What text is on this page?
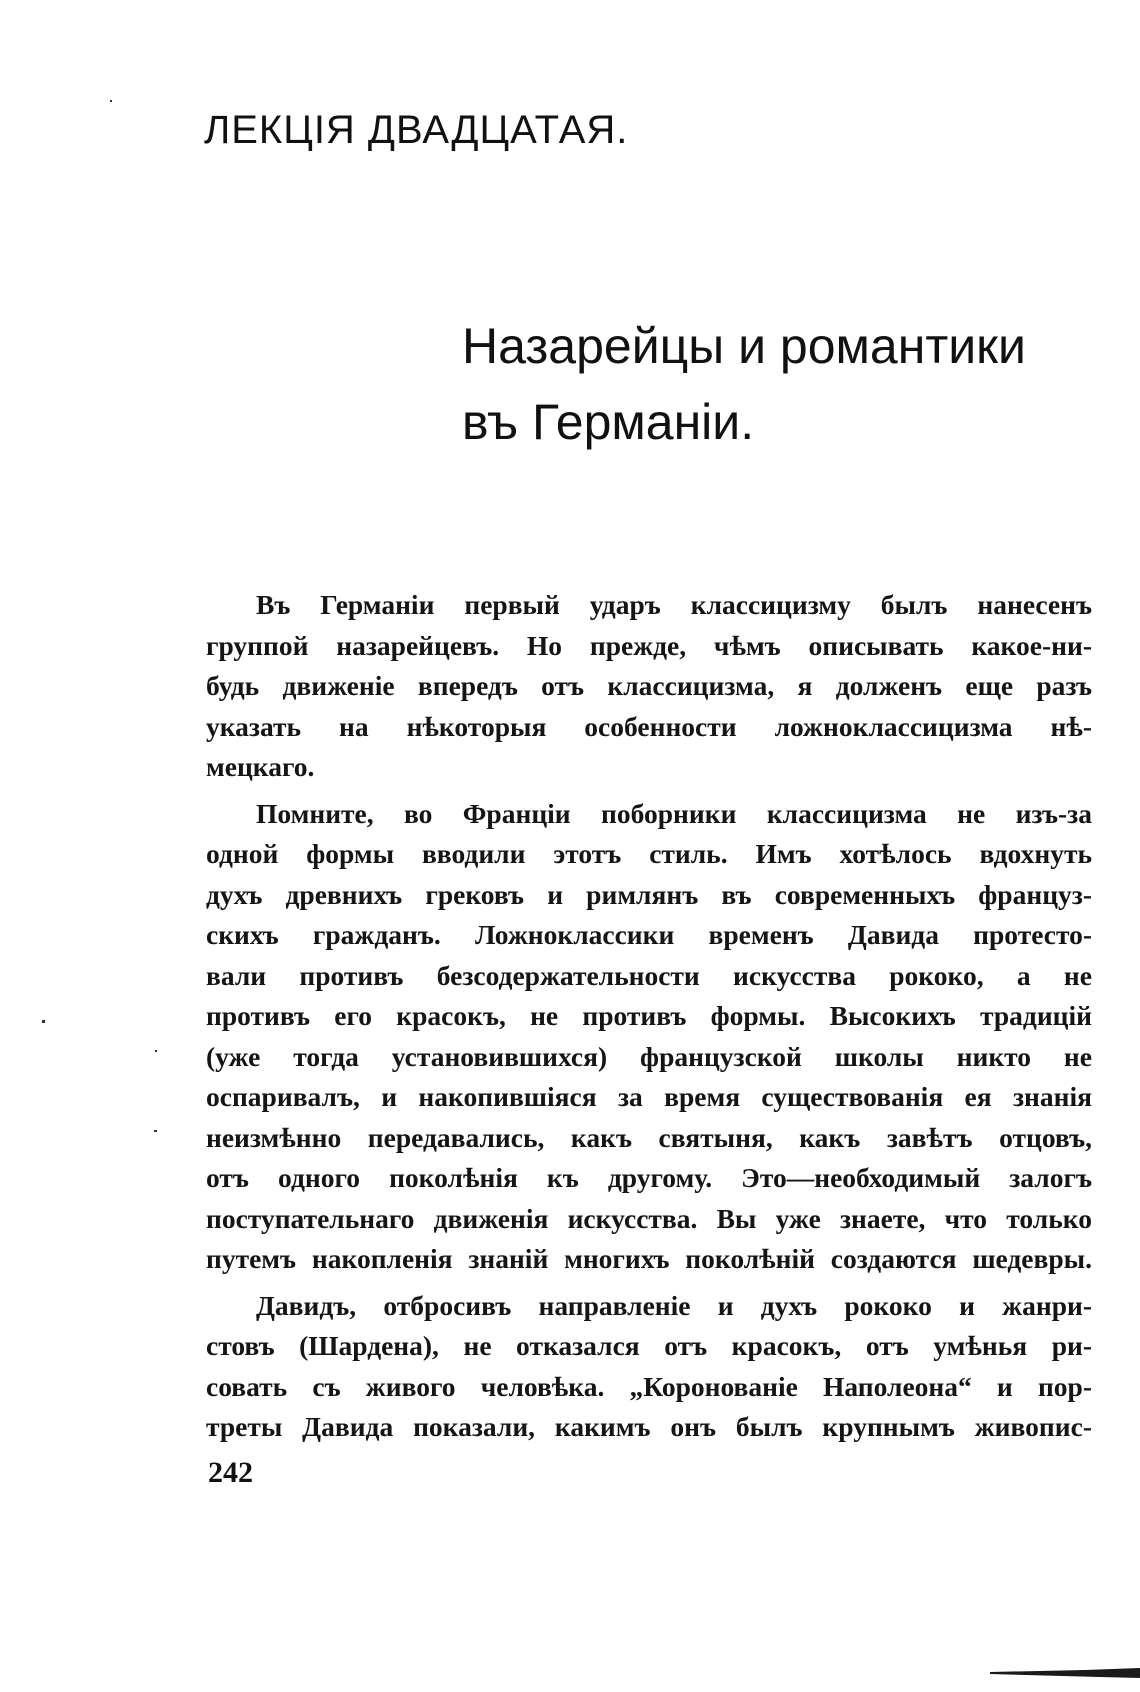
ЛЕКЦІЯ ДВАДЦАТАЯ.
Назарейцы и романтики
въ Германіи.

Въ Германіи первый ударъ классицизму былъ нанесенъ
группой назарейцевъ. Но прежде, чѣмъ описывать какое-ни-
будь движеніе впередъ отъ классицизма, я долженъ еще разъ
указать на нѣкоторыя особенности ложноклассицизма нѣ-
мецкаго.

Помните, во Франціи поборники классицизма не изъ-за
одной формы вводили этотъ стиль. Имъ хотѣлось вдохнуть
духъ древнихъ грековъ и римлянъ въ современныхъ француз-
скихъ гражданъ. Ложноклассики временъ Давида протесто-
вали противъ безсодержательности искусства рококо, а не
противъ его красокъ, не противъ формы. Высокихъ традицій
(уже тогда установившихся) французской школы никто не
оспаривалъ, и накопившіяся за время существованія ея знанія
неизмѣнно передавались, какъ святыня, какъ завѣтъ отцовъ,
отъ одного поколѣнія къ другому. Это—необходимый залогъ
поступательнаго движенія искусства. Вы уже знаете, что только
путемъ накопленія знаній многихъ поколѣній создаются шедевры.

Давидъ, отбросивъ направленіе и духъ рококо и жанри-
стовъ (Шардена), не отказался отъ красокъ, отъ умѣнья ри-
совать съ живого человѣка. „Коронованіе Наполеона“ и пор-
треты Давида показали, какимъ онъ былъ крупнымъ живопис-

242
